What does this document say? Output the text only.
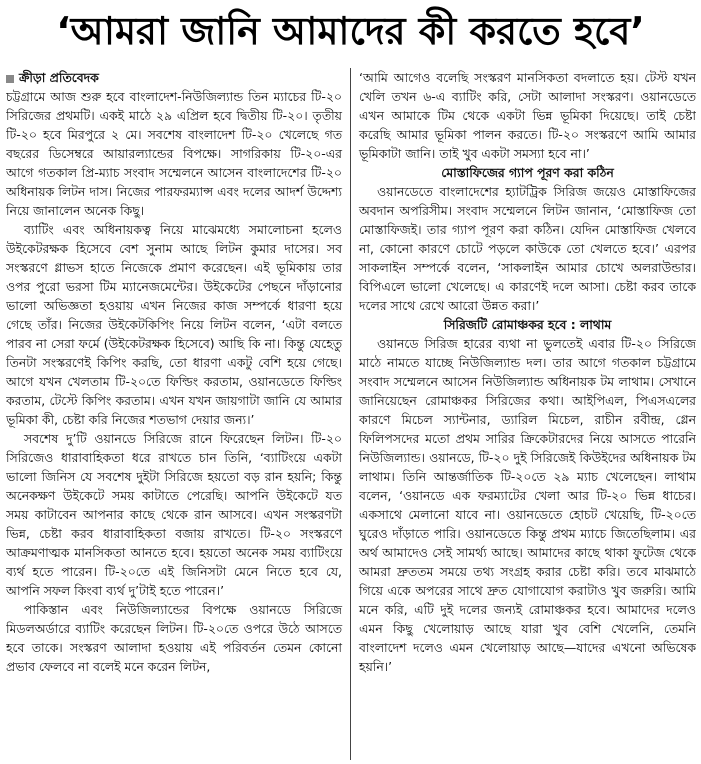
‘আমরা জানি আমাদের কী করতে হবে’
ক্রীড়া প্রতিবেদক

চট্টগ্রামে আজ শুরু হবে বাংলাদেশ-নিউজিল্যান্ড তিন ম্যাচের টি-২০ সিরিজের প্রথমটি। একই মাঠে ২৯ এপ্রিল হবে দ্বিতীয় টি-২০। তৃতীয় টি-২০ হবে মিরপুরে ২ মে। সবশেষ বাংলাদেশ টি-২০ খেলেছে গত বছরের ডিসেম্বরে আয়ারল্যান্ডের বিপক্ষে। সাগরিকায় টি-২০-এর আগে গতকাল প্রি-ম্যাচ সংবাদ সম্মেলনে আসেন বাংলাদেশের টি-২০ অধিনায়ক লিটন দাস। নিজের পারফরম্যান্স এবং দলের আদর্শ উদ্দেশ্য নিয়ে জানালেন অনেক কিছু।

ব্যাটিং এবং অধিনায়কত্ব নিয়ে মাঝেমধ্যে সমালোচনা হলেও উইকেটরক্ষক হিসেবে বেশ সুনাম আছে লিটন কুমার দাসের। সব সংস্করণে গ্লাভস হাতে নিজেকে প্রমাণ করেছেন। এই ভূমিকায় তার ওপর পুরো ভরসা টিম ম্যানেজমেন্টের। উইকেটের পেছনে দাঁড়ানোর ভালো অভিজ্ঞতা হওয়ায় এখন নিজের কাজ সম্পর্কে ধারণা হয়ে গেছে তাঁর। নিজের উইকেটকিপিং নিয়ে লিটন বলেন, ‘এটা বলতে পারব না সেরা ফর্মে (উইকেটরক্ষক হিসেবে) আছি কি না। কিন্তু যেহেতু তিনটা সংস্করণেই কিপিং করছি, তো ধারণা একটু বেশি হয়ে গেছে। আগে যখন খেলতাম টি-২০তে ফিল্ডিং করতাম, ওয়ানডেতে ফিল্ডিং করতাম, টেস্টে কিপিং করতাম। এখন যখন জায়গাটা জানি যে আমার ভূমিকা কী, চেষ্টা করি নিজের শতভাগ দেয়ার জন্য।’

সবশেষ দু’টি ওয়ানডে সিরিজে রানে ফিরেছেন লিটন। টি-২০ সিরিজেও ধারাবাহিকতা ধরে রাখতে চান তিনি, ‘ব্যাটিংয়ে একটা ভালো জিনিস যে সবশেষ দুইটা সিরিজে হয়তো বড় রান হয়নি; কিন্তু অনেকক্ষণ উইকেটে সময় কাটাতে পেরেছি। আপনি উইকেটে যত সময় কাটাবেন আপনার কাছে থেকে রান আসবে। এখন সংস্করণটা ভিন্ন, চেষ্টা করব ধারাবাহিকতা বজায় রাখতে। টি-২০ সংস্করণে আক্রমণাত্মক মানসিকতা আনতে হবে। হয়তো অনেক সময় ব্যাটিংয়ে ব্যর্থ হতে পারেন। টি-২০তে এই জিনিসটা মেনে নিতে হবে যে, আপনি সফল কিংবা ব্যর্থ দু’টাই হতে পারেন।’

পাকিস্তান এবং নিউজিল্যান্ডের বিপক্ষে ওয়ানডে সিরিজে মিডলঅর্ডারে ব্যাটিং করেছেন লিটন। টি-২০তে ওপরে উঠে আসতে হবে তাকে। সংস্করণ আলাদা হওয়ায় এই পরিবর্তন তেমন কোনো প্রভাব ফেলবে না বলেই মনে করেন লিটন,

‘আমি আগেও বলেছি সংস্করণ মানসিকতা বদলাতে হয়। টেস্ট যখন খেলি তখন ৬-এ ব্যাটিং করি, সেটা আলাদা সংস্করণ। ওয়ানডেতে এখন আমাকে টিম থেকে একটা ভিন্ন ভূমিকা দিয়েছে। তাই চেষ্টা করেছি আমার ভূমিকা পালন করতে। টি-২০ সংস্করণে আমি আমার ভূমিকাটা জানি। তাই খুব একটা সমস্যা হবে না।’

মোস্তাফিজের গ্যাপ পূরণ করা কঠিন

ওয়ানডেতে বাংলাদেশের হ্যাটট্রিক সিরিজ জয়েও মোস্তাফিজের অবদান অপরিসীম। সংবাদ সম্মেলনে লিটন জানান, ‘মোস্তাফিজ তো মোস্তাফিজই। তার গ্যাপ পূরণ করা কঠিন। যেদিন মোস্তাফিজ খেলবে না, কোনো কারণে চোটে পড়লে কাউকে তো খেলতে হবে।’ এরপর সাকলাইন সম্পর্কে বলেন, ‘সাকলাইন আমার চোখে অলরাউন্ডার। বিপিএলে ভালো খেলেছে। এ কারণেই দলে আসা। চেষ্টা করব তাকে দলের সাথে রেখে আরো উন্নত করা।’

সিরিজটি রোমাঞ্চকর হবে : লাথাম

ওয়ানডে সিরিজ হারের ব্যথা না ভুলতেই এবার টি-২০ সিরিজে মাঠে নামতে যাচ্ছে নিউজিল্যান্ড দল। তার আগে গতকাল চট্টগ্রামে সংবাদ সম্মেলনে আসেন নিউজিল্যান্ড অধিনায়ক টম লাথাম। সেখানে জানিয়েছেন রোমাঞ্চকর সিরিজের কথা। আইপিএল, পিএসএলের কারণে মিচেল স্যান্টনার, ড্যারিল মিচেল, রাচীন রবীন্দ্র, গ্লেন ফিলিপসদের মতো প্রথম সারির ক্রিকেটারদের নিয়ে আসতে পারেনি নিউজিল্যান্ড। ওয়ানডে, টি-২০ দুই সিরিজেই কিউইদের অধিনায়ক টম লাথাম। তিনি আন্তর্জাতিক টি-২০তে ২৯ ম্যাচ খেলেছেন। লাথাম বলেন, ‘ওয়ানডে এক ফরম্যাটের খেলা আর টি-২০ ভিন্ন ধাচের। একসাথে মেলানো যাবে না। ওয়ানডেতে হোচট খেয়েছি, টি-২০তে ঘুরেও দাঁড়াতে পারি। ওয়ানডেতে কিন্তু প্রথম ম্যাচে জিতেছিলাম। এর অর্থ আমাদেও সেই সামর্থ্য আছে। আমাদের কাছে থাকা ফুটেজ থেকে আমরা দ্রুততম সময়ে তথ্য সংগ্রহ করার চেষ্টা করি। তবে মাঝমাঠে গিয়ে একে অপরের সাথে দ্রুত যোগাযোগ করাটাও খুব জরুরি। আমি মনে করি, এটি দুই দলের জন্যই রোমাঞ্চকর হবে। আমাদের দলেও এমন কিছু খেলোয়াড় আছে যারা খুব বেশি খেলেনি, তেমনি বাংলাদেশ দলেও এমন খেলোয়াড় আছে—যাদের এখনো অভিষেক হয়নি।’
